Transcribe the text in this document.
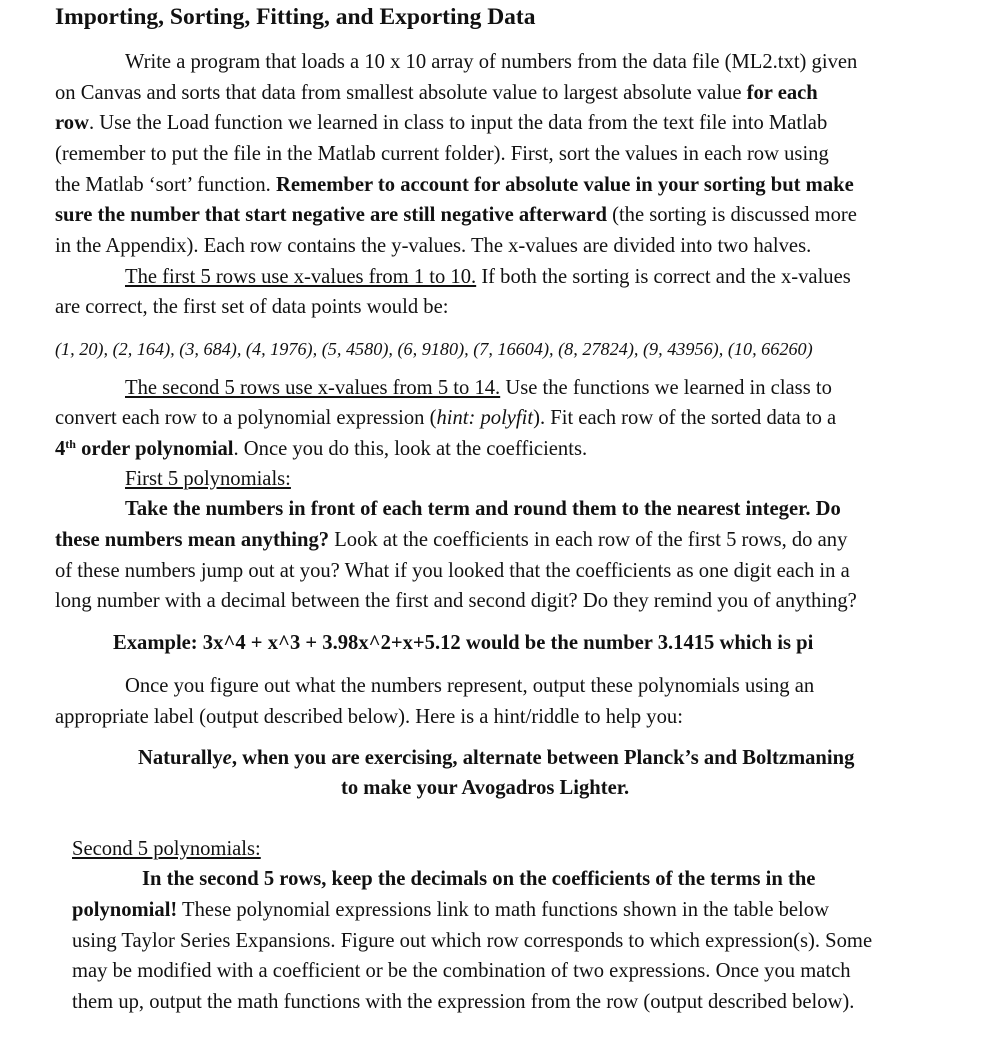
Importing, Sorting, Fitting, and Exporting Data
Write a program that loads a 10 x 10 array of numbers from the data file (ML2.txt) given
on Canvas and sorts that data from smallest absolute value to largest absolute value for each
row. Use the Load function we learned in class to input the data from the text file into Matlab
(remember to put the file in the Matlab current folder). First, sort the values in each row using
the Matlab ‘sort’ function. Remember to account for absolute value in your sorting but make
sure the number that start negative are still negative afterward (the sorting is discussed more
in the Appendix). Each row contains the y-values. The x-values are divided into two halves.
The first 5 rows use x-values from 1 to 10. If both the sorting is correct and the x-values
are correct, the first set of data points would be:
(1, 20), (2, 164), (3, 684), (4, 1976), (5, 4580), (6, 9180), (7, 16604), (8, 27824), (9, 43956), (10, 66260)
The second 5 rows use x-values from 5 to 14. Use the functions we learned in class to
convert each row to a polynomial expression (hint: polyfit). Fit each row of the sorted data to a
4th order polynomial. Once you do this, look at the coefficients.
First 5 polynomials:
Take the numbers in front of each term and round them to the nearest integer. Do
these numbers mean anything? Look at the coefficients in each row of the first 5 rows, do any
of these numbers jump out at you? What if you looked that the coefficients as one digit each in a
long number with a decimal between the first and second digit? Do they remind you of anything?
Example: 3x^4 + x^3 + 3.98x^2+x+5.12 would be the number 3.1415 which is pi
Once you figure out what the numbers represent, output these polynomials using an
appropriate label (output described below). Here is a hint/riddle to help you:
Naturallye, when you are exercising, alternate between Planck’s and Boltzmaning
to make your Avogadros Lighter.
Second 5 polynomials:
In the second 5 rows, keep the decimals on the coefficients of the terms in the
polynomial! These polynomial expressions link to math functions shown in the table below
using Taylor Series Expansions. Figure out which row corresponds to which expression(s). Some
may be modified with a coefficient or be the combination of two expressions. Once you match
them up, output the math functions with the expression from the row (output described below).
